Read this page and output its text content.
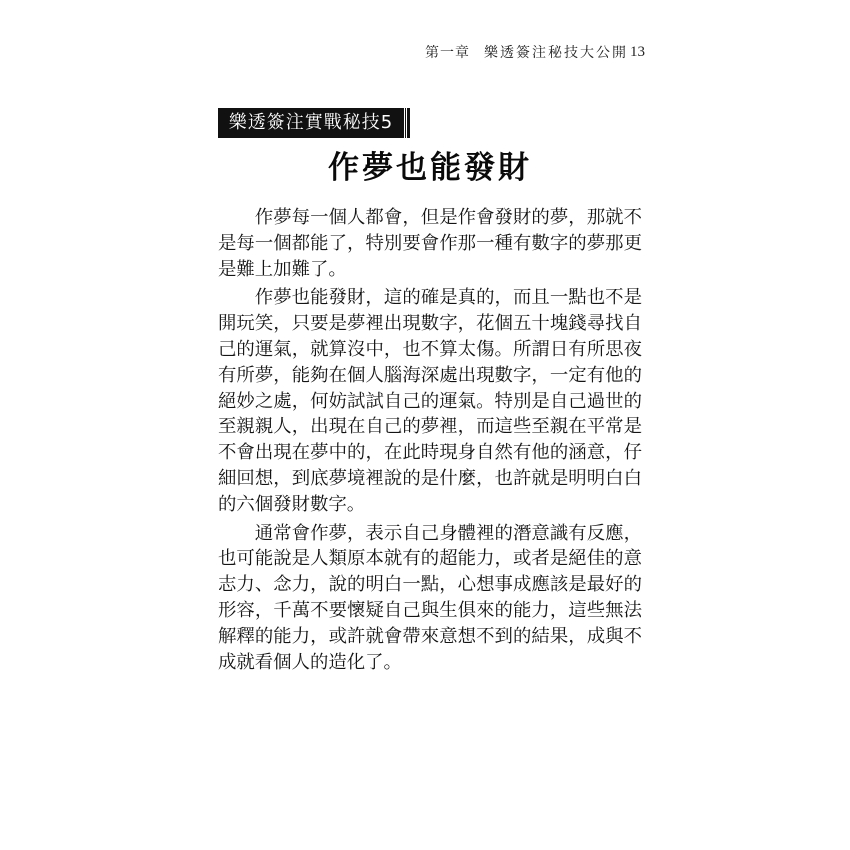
第一章 樂透簽注秘技大公開 13
樂透簽注實戰秘技5
作夢也能發財

作夢每一個人都會，但是作會發財的夢，那就不是每一個都能了，特別要會作那一種有數字的夢那更是難上加難了。

作夢也能發財，這的確是真的，而且一點也不是開玩笑，只要是夢裡出現數字，花個五十塊錢尋找自己的運氣，就算沒中，也不算太傷。所謂日有所思夜有所夢，能夠在個人腦海深處出現數字，一定有他的絕妙之處，何妨試試自己的運氣。特別是自己過世的至親親人，出現在自己的夢裡，而這些至親在平常是不會出現在夢中的，在此時現身自然有他的涵意，仔細回想，到底夢境裡說的是什麼，也許就是明明白白的六個發財數字。

通常會作夢，表示自己身體裡的潛意識有反應，也可能說是人類原本就有的超能力，或者是絕佳的意志力、念力，說的明白一點，心想事成應該是最好的形容，千萬不要懷疑自己與生俱來的能力，這些無法解釋的能力，或許就會帶來意想不到的結果，成與不成就看個人的造化了。
